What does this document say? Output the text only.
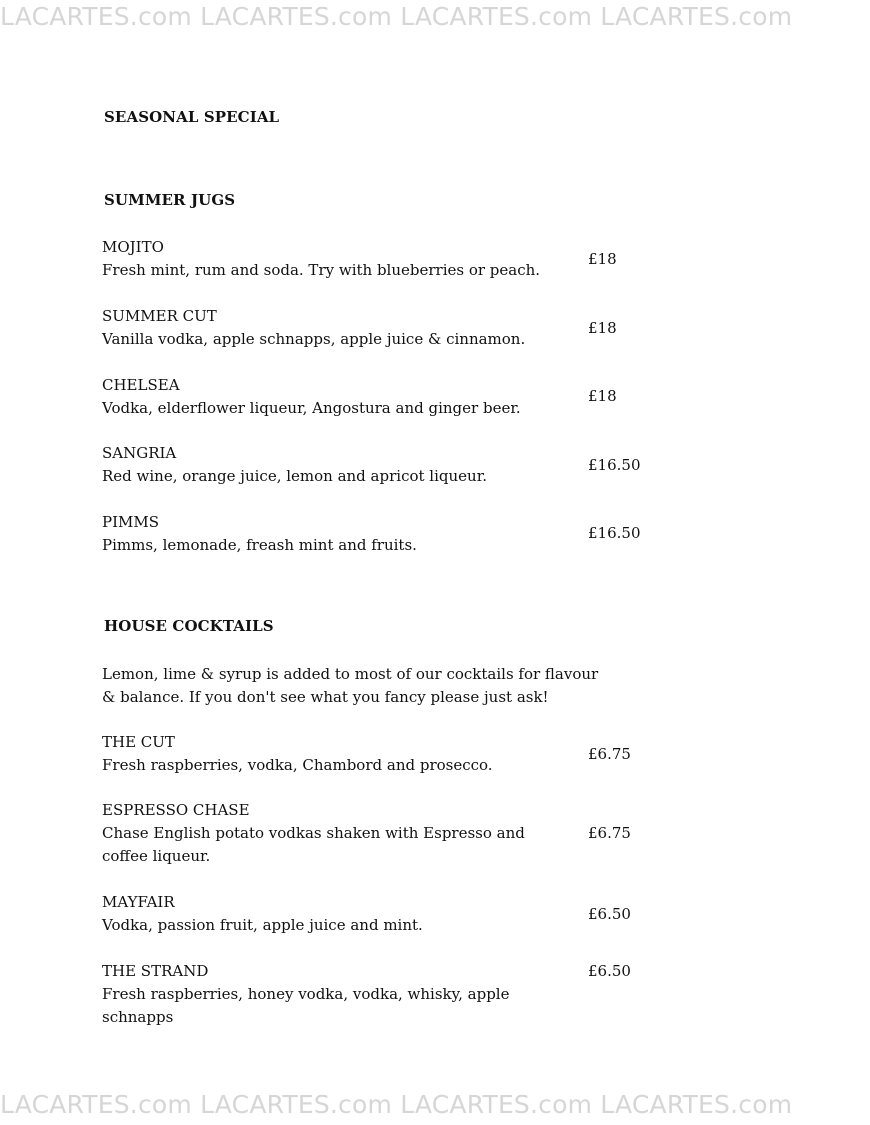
LACARTES.com LACARTES.com LACARTES.com LACARTES.com
SEASONAL SPECIAL
SUMMER JUGS
MOJITO
Fresh mint, rum and soda. Try with blueberries or peach.
£18
SUMMER CUT
Vanilla vodka, apple schnapps, apple juice & cinnamon.
£18
CHELSEA
Vodka, elderflower liqueur, Angostura and ginger beer.
£18
SANGRIA
Red wine, orange juice, lemon and apricot liqueur.
£16.50
PIMMS
Pimms, lemonade, freash mint and fruits.
£16.50
HOUSE COCKTAILS
Lemon, lime & syrup is added to most of our cocktails for flavour & balance. If you don't see what you fancy please just ask!
THE CUT
Fresh raspberries, vodka, Chambord and prosecco.
£6.75
ESPRESSO CHASE
Chase English potato vodkas shaken with Espresso and coffee liqueur.
£6.75
MAYFAIR
Vodka, passion fruit, apple juice and mint.
£6.50
THE STRAND
Fresh raspberries, honey vodka, vodka, whisky, apple schnapps
£6.50
LACARTES.com LACARTES.com LACARTES.com LACARTES.com
